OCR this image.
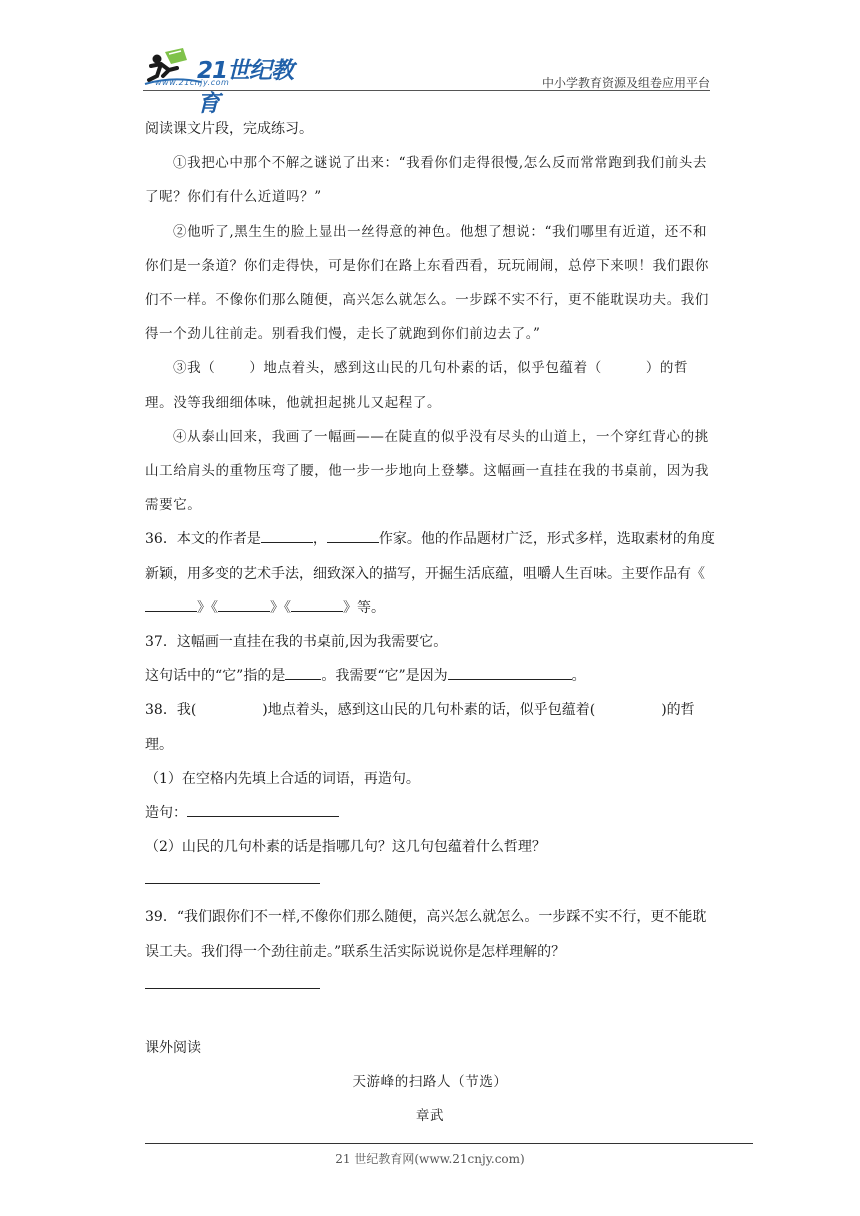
21世纪教育
www.21cnjy.com	中小学教育资源及组卷应用平台

阅读课文片段，完成练习。

①我把心中那个不解之谜说了出来：“我看你们走得很慢,怎么反而常常跑到我们前头去了呢？你们有什么近道吗？”

②他听了,黑生生的脸上显出一丝得意的神色。他想了想说：“我们哪里有近道，还不和你们是一条道？你们走得快，可是你们在路上东看西看，玩玩闹闹，总停下来呗！我们跟你们不一样。不像你们那么随便，高兴怎么就怎么。一步踩不实不行，更不能耽误功夫。我们得一个劲儿往前走。别看我们慢，走长了就跑到你们前边去了。”

③我（	）地点着头，感到这山民的几句朴素的话，似乎包蕴着（	）的哲理。没等我细细体味，他就担起挑儿又起程了。

④从泰山回来，我画了一幅画——在陡直的似乎没有尽头的山道上，一个穿红背心的挑山工给肩头的重物压弯了腰，他一步一步地向上登攀。这幅画一直挂在我的书桌前，因为我需要它。

36．本文的作者是	，	作家。他的作品题材广泛，形式多样，选取素材的角度新颖，用多变的艺术手法，细致深入的描写，开掘生活底蕴，咀嚼人生百味。主要作品有《》《	》《	》等。

37．这幅画一直挂在我的书桌前,因为我需要它。

这句话中的“它”指的是	。我需要“它”是因为	。

38．我(	)地点着头，感到这山民的几句朴素的话，似乎包蕴着(	)的哲理。

（1）在空格内先填上合适的词语，再造句。

造句：

（2）山民的几句朴素的话是指哪几句？这几句包蕴着什么哲理？

39．“我们跟你们不一样,不像你们那么随便，高兴怎么就怎么。一步踩不实不行，更不能耽误工夫。我们得一个劲往前走。”联系生活实际说说你是怎样理解的？

课外阅读

天游峰的扫路人（节选）

章武

21 世纪教育网(www.21cnjy.com)
